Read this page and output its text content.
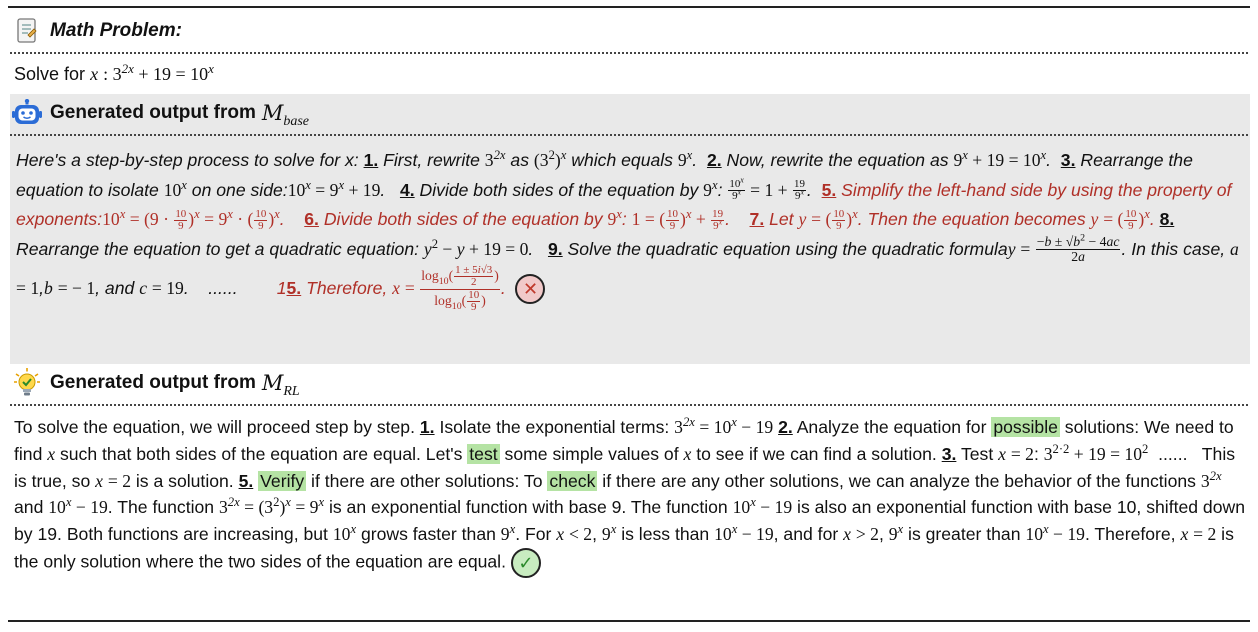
Math Problem:
Solve for x : $3^{2x} + 19 = 10^x$
Generated output from $M_{base}$
Here's a step-by-step process to solve for x: 1. First, rewrite $3^{2x}$ as $(3^2)^x$ which equals 9$^x$.  2. Now, rewrite the equation as $9^x + 19 = 10^x$.  3. Rearrange the equation to isolate 10$^x$ on one $side:10^x = 9^x + 19$.   4. Divide both sides of the equation by 9$^x$: $\frac{10^x}{9^x} = 1 + \frac{19}{9^x}$ .  5. Simplify the left-hand side by using the property of $exponents:10^x = (9 \cdot \frac{10}{9} )^x = 9^x$ · ( $\frac{10}{9} )^x$.    6. Divide both sides of the equation by 9$^x$: 1 = ( $\frac{10}{9} )^x + \frac{19}{9^x}$ .    7. Let y = ( $\frac{10}{9} )^x$. Then the equation becomes y = ( $\frac{10}{9} )^x$. 8. Rearrange the equation to get a quadratic equation: $y^2 - y + 19 = 0$.   9. Solve the quadratic equation using the quadratic formulay = $\frac{-b \pm √b^2 - 4ac}{2a}$ . In this case, a = 1,b = − 1, and c = 19.    ......        15. Therefore, $x = \frac{\log_{10}( \frac{1 \pm 5i√3}{2} )}{\log_{10}( \frac{10}{9} )}$ .  ✕
Generated output from $M_{RL}$
To solve the equation, we will proceed step by step. 1. Isolate the exponential terms: $3^{2x} = 10^x - 19$ 2. Analyze the equation for possible solutions: We need to find x such that both sides of the equation are equal. Let's test some simple values of x to see if we can find a solution. 3. Test x = 2: $3^{2\cdot 2} + 19 = 10^2$  ......   This is true, so x = 2 is a solution. 5. Verify if there are other solutions: To check if there are any other solutions, we can analyze the behavior of the functions $3^{2x}$ and $10^x - 19$. The function $3^{2x} = (3^2)^x = 9^x$ is an exponential function with base 9. The function $10^x - 19$ is also an exponential function with base 10, shifted down by 19. Both functions are increasing, but 10$^x$ grows faster than 9$^x$. For x < 2, 9$^x$ is less than $10^x - 19$, and for x > 2, 9$^x$ is greater than $10^x - 19$. Therefore, x = 2 is the only solution where the two sides of the equation are equal. ✓
